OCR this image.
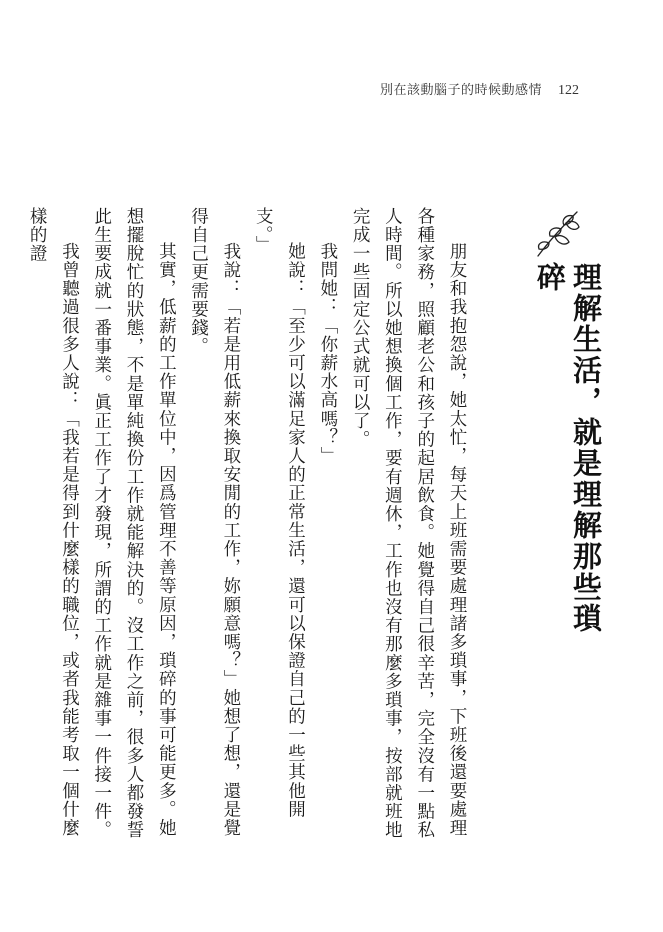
別在該動腦子的時候動感情 122
理解生活，就是理解那些瑣碎

朋友和我抱怨說，她太忙，每天上班需要處理諸多瑣事，下班後還要處理各種家務，照顧老公和孩子的起居飲食。她覺得自己很辛苦，完全沒有一點私人時間。所以她想換個工作，要有週休，工作也沒有那麼多瑣事，按部就班地完成一些固定公式就可以了。

我問她：「你薪水高嗎？」

她說：「至少可以滿足家人的正常生活，還可以保證自己的一些其他開支。」

我說：「若是用低薪來換取安閒的工作，妳願意嗎？」她想了想，還是覺得自己更需要錢。

其實，低薪的工作單位中，因爲管理不善等原因，瑣碎的事可能更多。她想擺脫忙的狀態，不是單純換份工作就能解決的。沒工作之前，很多人都發誓此生要成就一番事業。眞正工作了才發現，所謂的工作就是雜事一件接一件。

我曾聽過很多人說：「我若是得到什麼樣的職位，或者我能考取一個什麼樣的證
